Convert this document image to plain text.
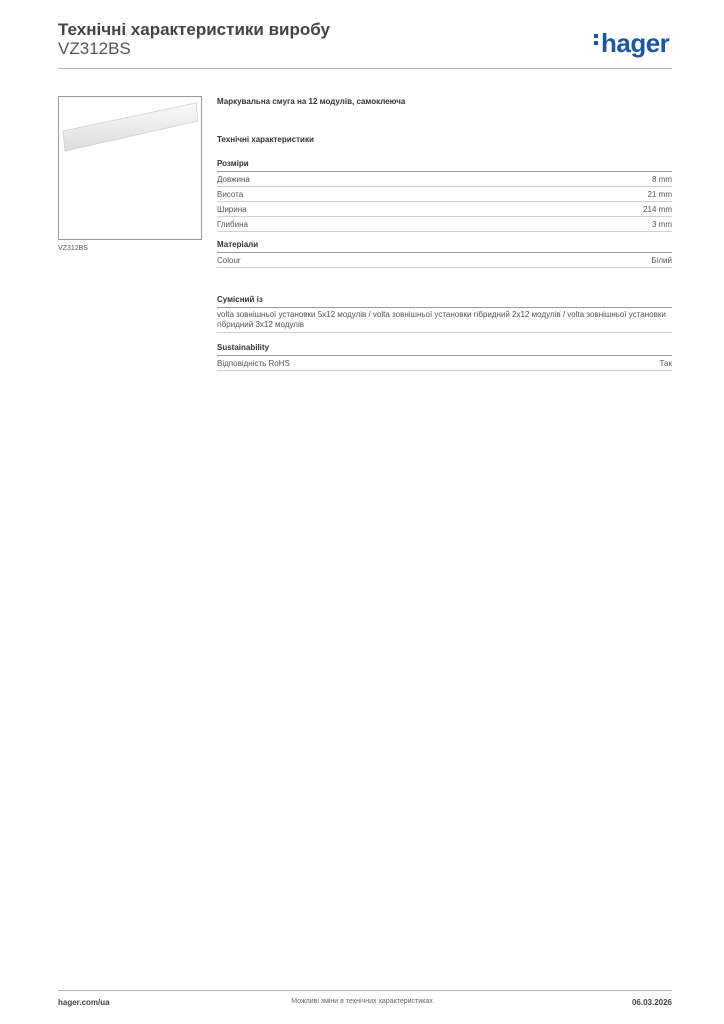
Технічні характеристики виробу
VZ312BS	hager
VZ312BS
Маркувальна смуга на 12 модулів, самоклеюча
Технічні характеристики
Розміри
Довжина	8 mm
Висота	21 mm
Ширина	214 mm
Глибина	3 mm
Матеріали
Colour	Білий
Сумісний із
volta зовнішньої установки 5x12 модулів / volta зовнішньої установки гібридний 2x12 модулів / volta зовнішньої установки гібридний 3x12 модулів
Sustainability
Відповідність RoHS	Так
hager.com/ua	Можливі зміни в технічних характеристиках	06.03.2026
